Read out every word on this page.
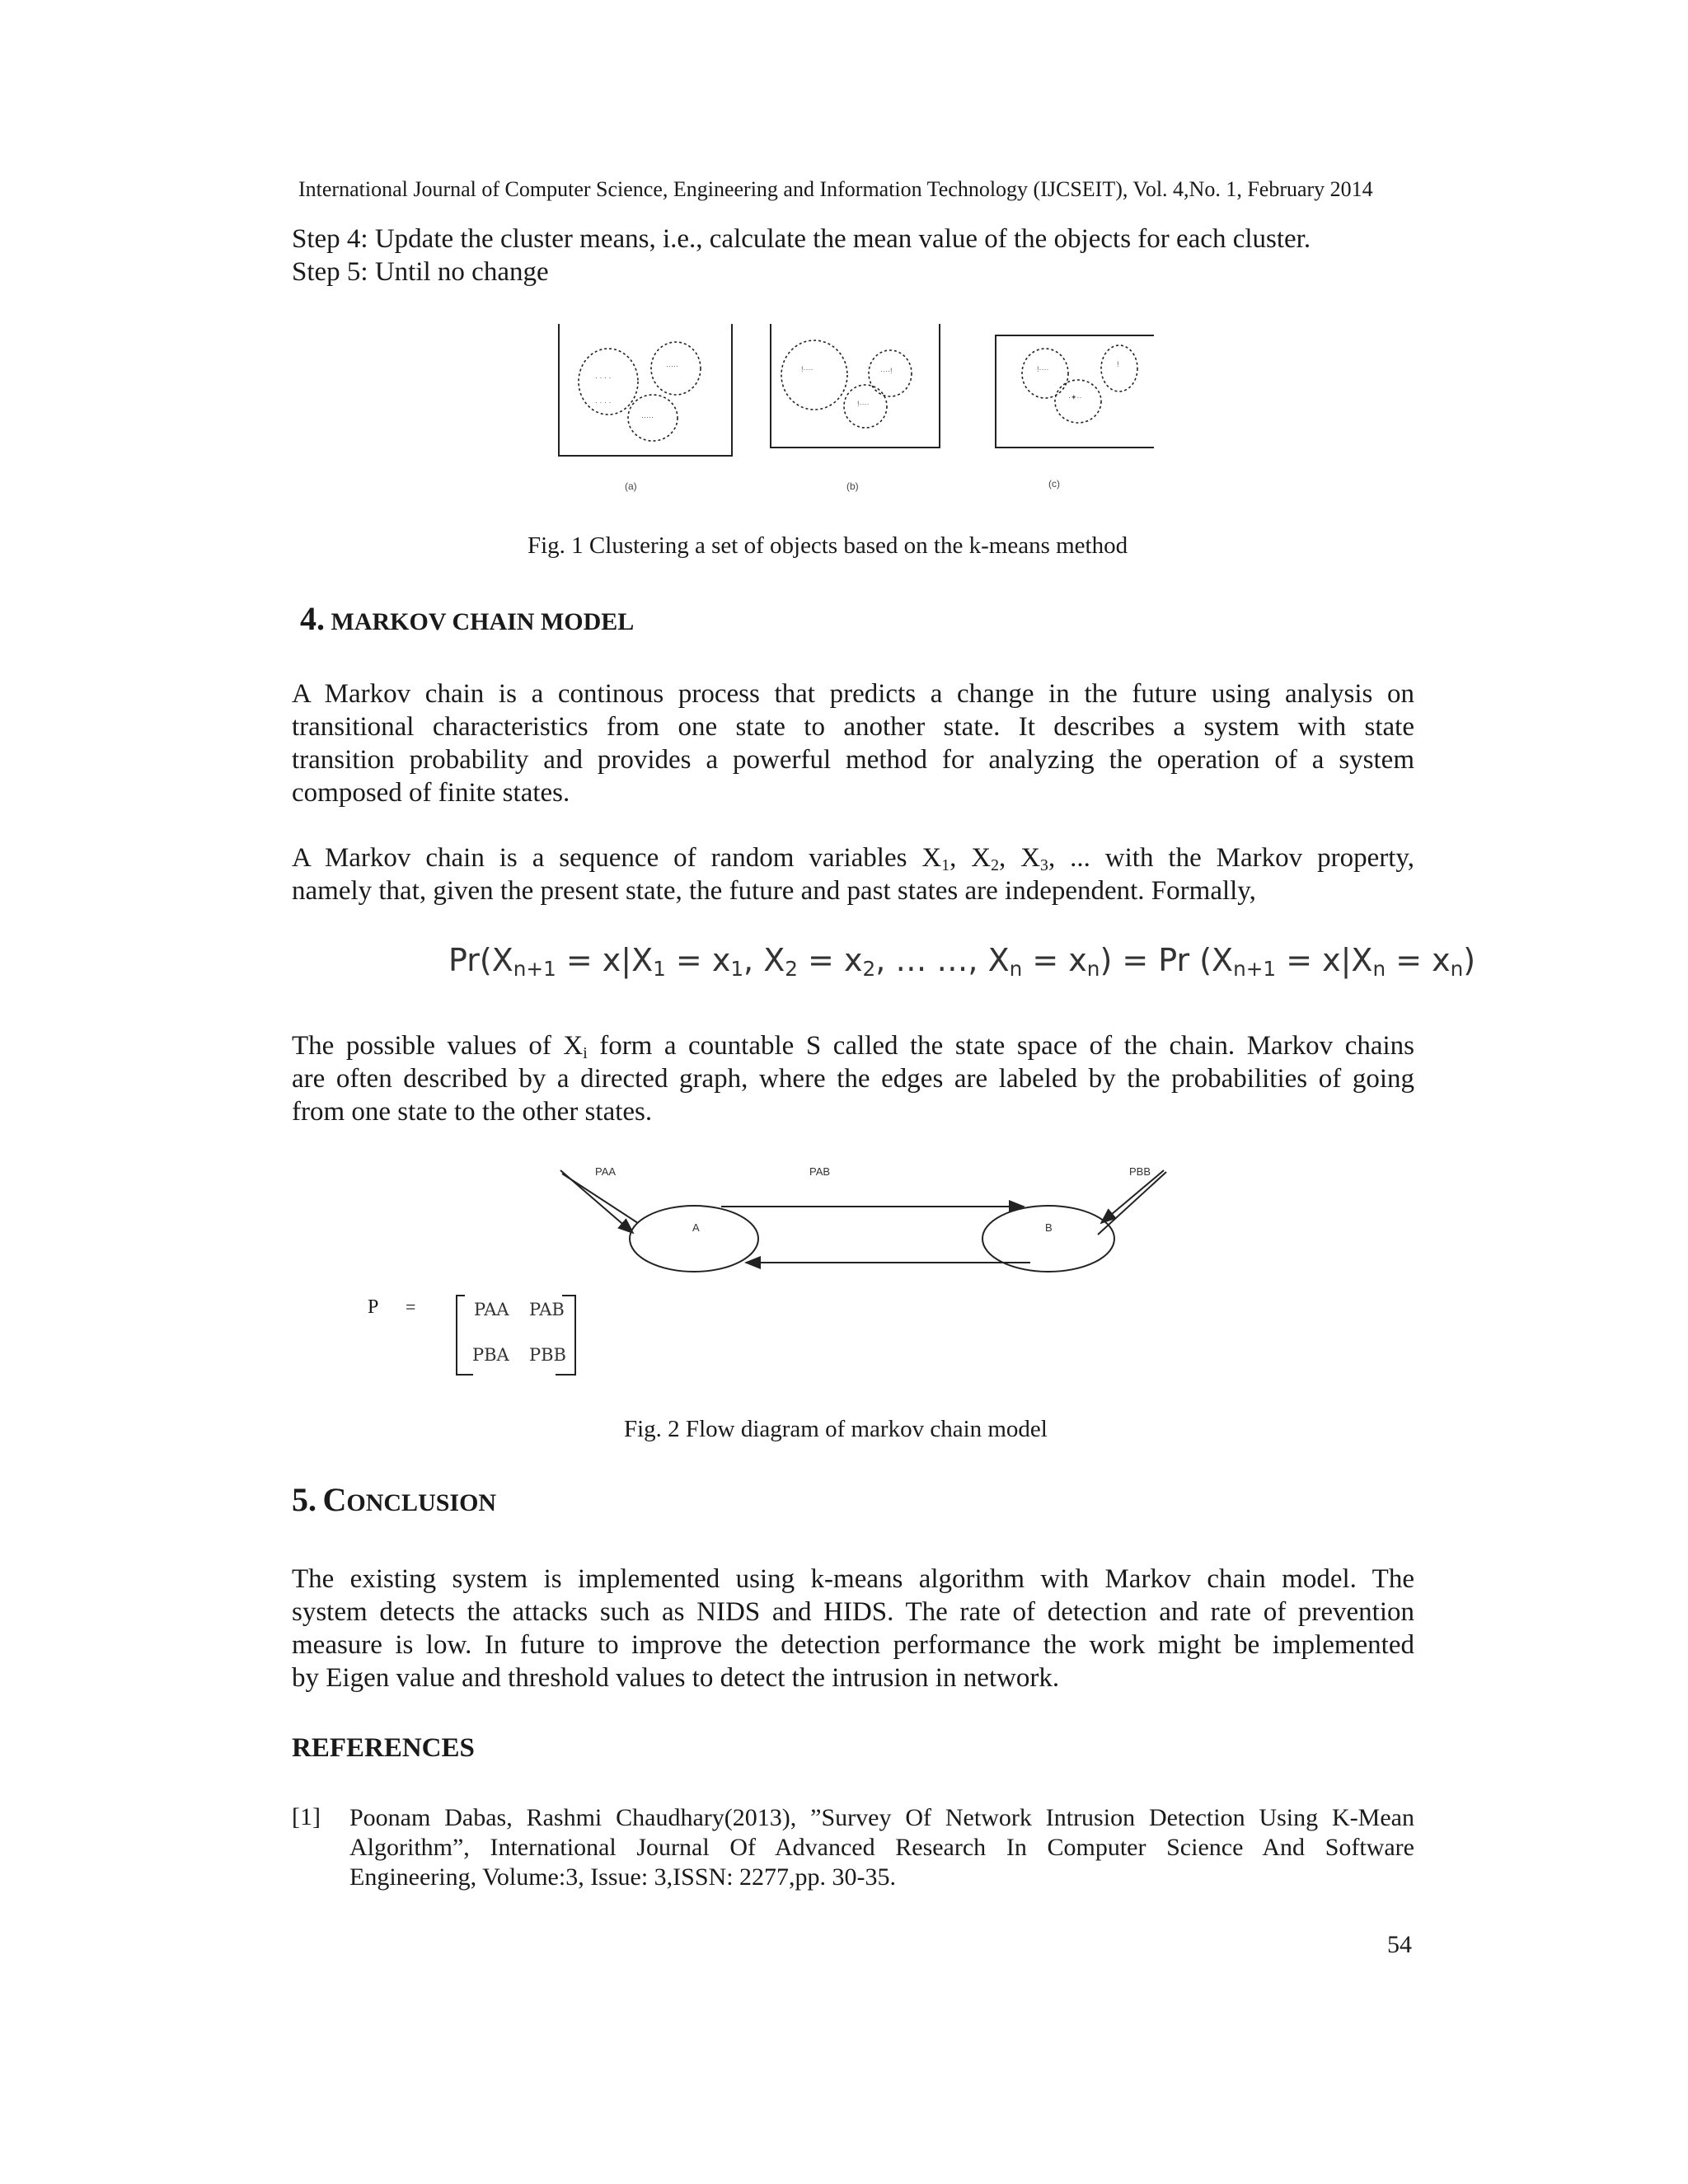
International Journal of Computer Science, Engineering and Information Technology (IJCSEIT), Vol. 4,No. 1, February 2014
Step 4: Update the cluster means, i.e., calculate the mean value of the objects for each cluster.
Step 5: Until no change
· · · ·
· · · ·
·····
·····
!····	····!
!····
!····
!
·✦··
(a)	(b)	(c)
Fig. 1 Clustering a set of objects based on the k-means method
4. MARKOV CHAIN MODEL
A Markov chain is a continous process that predicts a change in the future using analysis on
transitional characteristics from one state to another state. It describes a system with state
transition probability and provides a powerful method for analyzing the operation of a system
composed of finite states.
A Markov chain is a sequence of random variables $X_1$, $X_2$, $X_3$, ... with the Markov property,
namely that, given the present state, the future and past states are independent. Formally,
$Pr(X_{n+1} = x|X_1 = x_1$, $X_2 = x_2$, … …, $X_n = x_n) = Pr$ $(X_{n+1} = x|X_n = x_n)$
The possible values of $X_i$ form a countable S called the state space of the chain. Markov chains
are often described by a directed graph, where the edges are labeled by the probabilities of going
from one state to the other states.
PAA	PAB	PBB
A	B
P =	PAA PAB
PBA PBB
Fig. 2 Flow diagram of markov chain model
5. CONCLUSION
The existing system is implemented using k-means algorithm with Markov chain model. The
system detects the attacks such as NIDS and HIDS. The rate of detection and rate of prevention
measure is low. In future to improve the detection performance the work might be implemented
by Eigen value and threshold values to detect the intrusion in network.
REFERENCES
[1] Poonam Dabas, Rashmi Chaudhary(2013), ”Survey Of Network Intrusion Detection Using K-Mean
Algorithm”, International Journal Of Advanced Research In Computer Science And Software
Engineering, Volume:3, Issue: 3,ISSN: 2277,pp. 30-35.
54
